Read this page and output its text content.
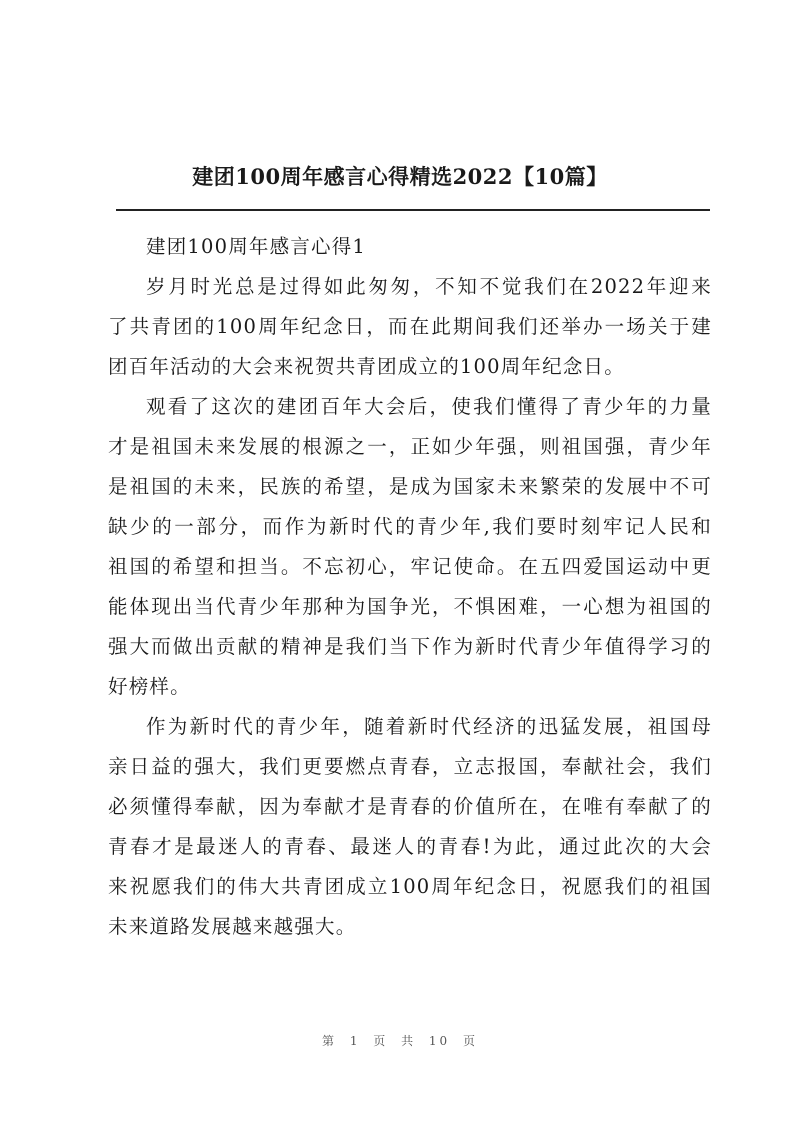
建团100周年感言心得精选2022【10篇】
建团100周年感言心得1
岁月时光总是过得如此匆匆，不知不觉我们在2022年迎来
了共青团的100周年纪念日，而在此期间我们还举办一场关于建
团百年活动的大会来祝贺共青团成立的100周年纪念日。
观看了这次的建团百年大会后，使我们懂得了青少年的力量
才是祖国未来发展的根源之一，正如少年强，则祖国强，青少年
是祖国的未来，民族的希望，是成为国家未来繁荣的发展中不可
缺少的一部分，而作为新时代的青少年,我们要时刻牢记人民和
祖国的希望和担当。不忘初心，牢记使命。在五四爱国运动中更
能体现出当代青少年那种为国争光，不惧困难，一心想为祖国的
强大而做出贡献的精神是我们当下作为新时代青少年值得学习的
好榜样。
作为新时代的青少年，随着新时代经济的迅猛发展，祖国母
亲日益的强大，我们更要燃点青春，立志报国，奉献社会，我们
必须懂得奉献，因为奉献才是青春的价值所在，在唯有奉献了的
青春才是最迷人的青春、最迷人的青春!为此，通过此次的大会
来祝愿我们的伟大共青团成立100周年纪念日，祝愿我们的祖国
未来道路发展越来越强大。
第 1 页 共 10 页
